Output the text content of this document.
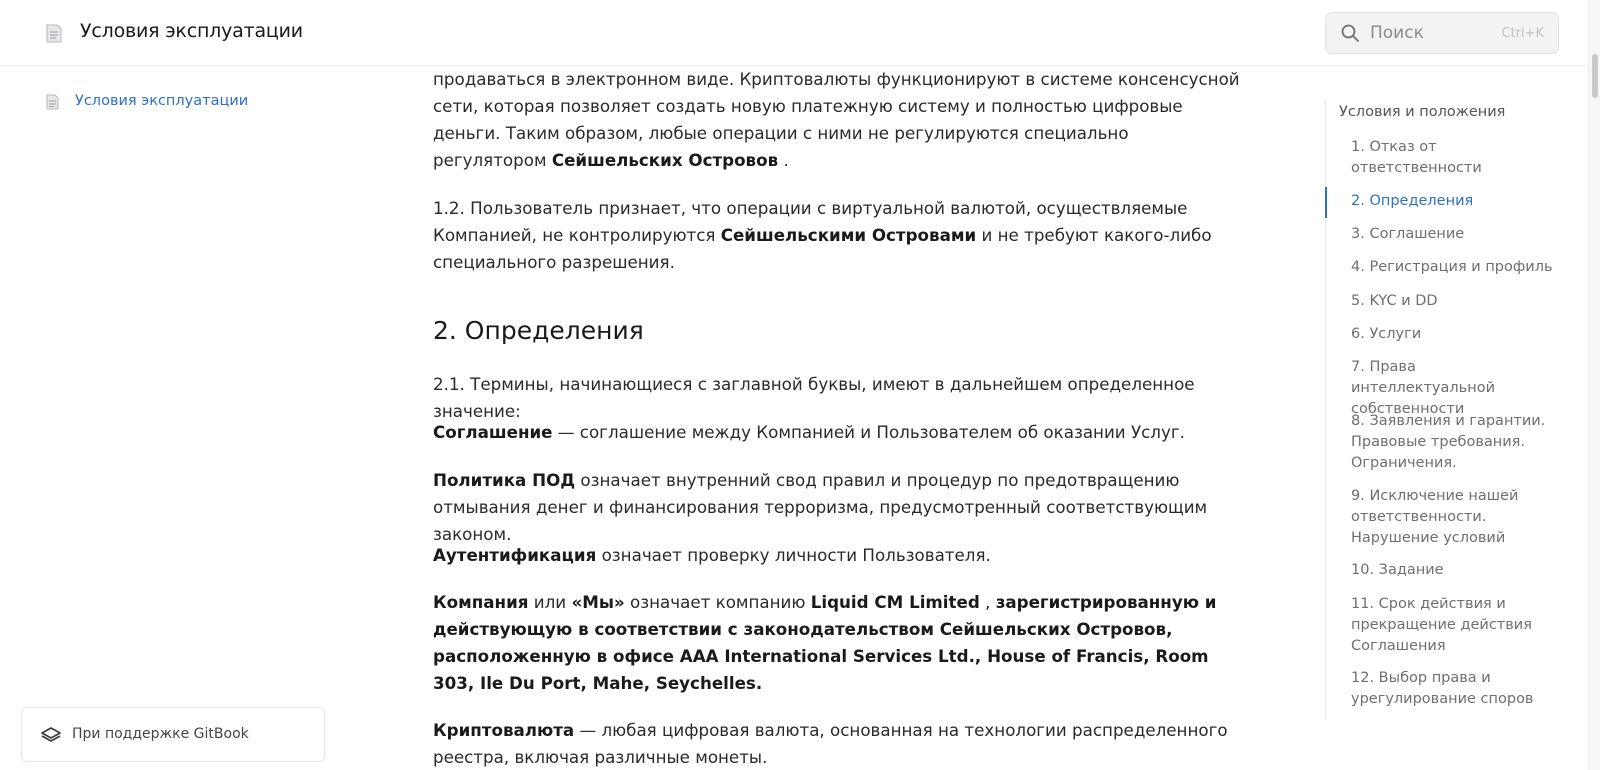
Условия эксплуатации	Поиск	Ctrl+K
Условия эксплуатации
При поддержке GitBook
продаваться в электронном виде. Криптовалюты функционируют в системе консенсусной сети, которая позволяет создать новую платежную систему и полностью цифровые деньги. Таким образом, любые операции с ними не регулируются специально регулятором Сейшельских Островов .
1.2. Пользователь признает, что операции с виртуальной валютой, осуществляемые Компанией, не контролируются Сейшельскими Островами и не требуют какого-либо специального разрешения.
2. Определения
2.1. Термины, начинающиеся с заглавной буквы, имеют в дальнейшем определенное значение:
Соглашение — соглашение между Компанией и Пользователем об оказании Услуг.
Политика ПОД означает внутренний свод правил и процедур по предотвращению отмывания денег и финансирования терроризма, предусмотренный соответствующим законом.
Аутентификация означает проверку личности Пользователя.
Компания или «Мы» означает компанию Liquid CM Limited , зарегистрированную и действующую в соответствии с законодательством Сейшельских Островов, расположенную в офисе AAA International Services Ltd., House of Francis, Room 303, Ile Du Port, Mahe, Seychelles.
Криптовалюта — любая цифровая валюта, основанная на технологии распределенного реестра, включая различные монеты.
Условия и положения
1. Отказ от ответственности
2. Определения
3. Соглашение
4. Регистрация и профиль
5. KYC и DD
6. Услуги
7. Права интеллектуальной собственности
8. Заявления и гарантии. Правовые требования. Ограничения.
9. Исключение нашей ответственности. Нарушение условий
10. Задание
11. Срок действия и прекращение действия Соглашения
12. Выбор права и урегулирование споров
